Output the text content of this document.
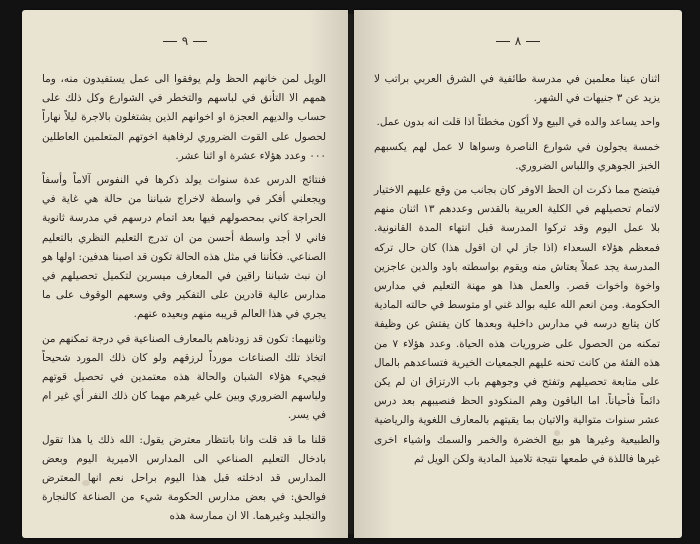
٩

الويل لمن خانهم الحظ ولم يوفقوا الى عمل يستفيدون منه، وما همهم الا التأنق في لباسهم والتخطر في الشوارع وكل ذلك على حساب والديهم العجزة او اخوانهم الذين يشتغلون بالاجرة ليلاً نهاراً لحصول على القوت الضروري لرفاهية اخوتهم المتعلمين العاطلين ٠٠٠ وعدد هؤلاء عشرة او اثنا عشر.

فنتائج الدرس عدة سنوات يولد ذكرها في النفوس آلاماً وأسفاً ويجعلني أفكر في واسطة لاخراج شباننا من حالة هي غاية في الحراجة كاني بمحصولهم فيها بعد اتمام درسهم في مدرسة ثانوية فاني لا أجد واسطة أحسن من ان تدرج التعليم النظري بالتعليم الصناعي. فكأننا في مثل هذه الحالة تكون قد اصبنا هدفين: اولها هو ان نبث شباننا راقين في المعارف ميسرين لتكميل تحصيلهم في مدارس عالية قادرين على التفكير وفي وسعهم الوقوف على ما يجري في هذا العالم قريبه منهم وبعيده عنهم.

وثانيهما: تكون قد زودناهم بالمعارف الصناعية في درجة تمكنهم من اتخاذ تلك الصناعات مورداً لرزقهم ولو كان ذلك المورد شحيحاً فيجيء هؤلاء الشبان والحالة هذه معتمدين في تحصيل قوتهم ولباسهم الضروري وبين علي غيرهم مهما كان ذلك النفر أي غير ام في يسر.

قلنا ما قد قلت وانا بانتظار معترض يقول: الله ذلك يا هذا تقول بادخال التعليم الصناعي الى المدارس الاميرية اليوم وبعض المدارس قد ادخلته قبل هذا اليوم براحل نعم انها المعترض فوالحق: في بعض مدارس الحكومة شيء من الصناعة كالنجارة والتجليد وغيرهما. الا ان ممارسة هذه

٨

اثنان عينا معلمين في مدرسة طائفية في الشرق العربي براتب لا يزيد عن ٣ جنيهات في الشهر.

واحد يساعد والده في البيع ولا أكون مخطئاً اذا قلت انه بدون عمل.

خمسة يجولون في شوارع الناصرة وسواها لا عمل لهم يكسبهم الخبز الجوهري واللباس الضروري.

فيتضح مما ذكرت ان الحظ الاوفر كان بجانب من وقع عليهم الاختيار لاتمام تحصيلهم في الكلية العربية بالقدس وعددهم ١٣ اثنان منهم بلا عمل اليوم وقد تركوا المدرسة قبل انتهاء المدة القانونية. فمعظم هؤلاء السعداء (اذا جاز لي ان اقول هذا) كان حال تركه المدرسة يجد عملاً يعتاش منه ويقوم بواسطته باود والدين عاجزين واخوة واخوات قصر. والعمل هذا هو مهنة التعليم في مدارس الحكومة. ومن انعم الله عليه بوالد غني او متوسط في حالته المادية كان يتابع درسه في مدارس داخلية وبعدها كان يفتش عن وظيفة تمكنه من الحصول على ضروريات هذه الحياة. وعدد هؤلاء ٧ من هذه الفئة من كانت تحنه عليهم الجمعيات الخيرية فتساعدهم بالمال على متابعة تحصيلهم وتفتح في وجوههم باب الارتزاق ان لم يكن دائماً فأحياناً. اما الباقون وهم المنكودو الحظ فنصيبهم بعد درس عشر سنوات متوالية والاتيان بما يقيتهم بالمعارف اللغوية والرياضية والطبيعية وغيرها هو بيع الخضرة والخمر والسمك واشياء اخرى غيرها فاللذة في طمعها نتيجة تلاميذ المادية ولكن الويل ثم
